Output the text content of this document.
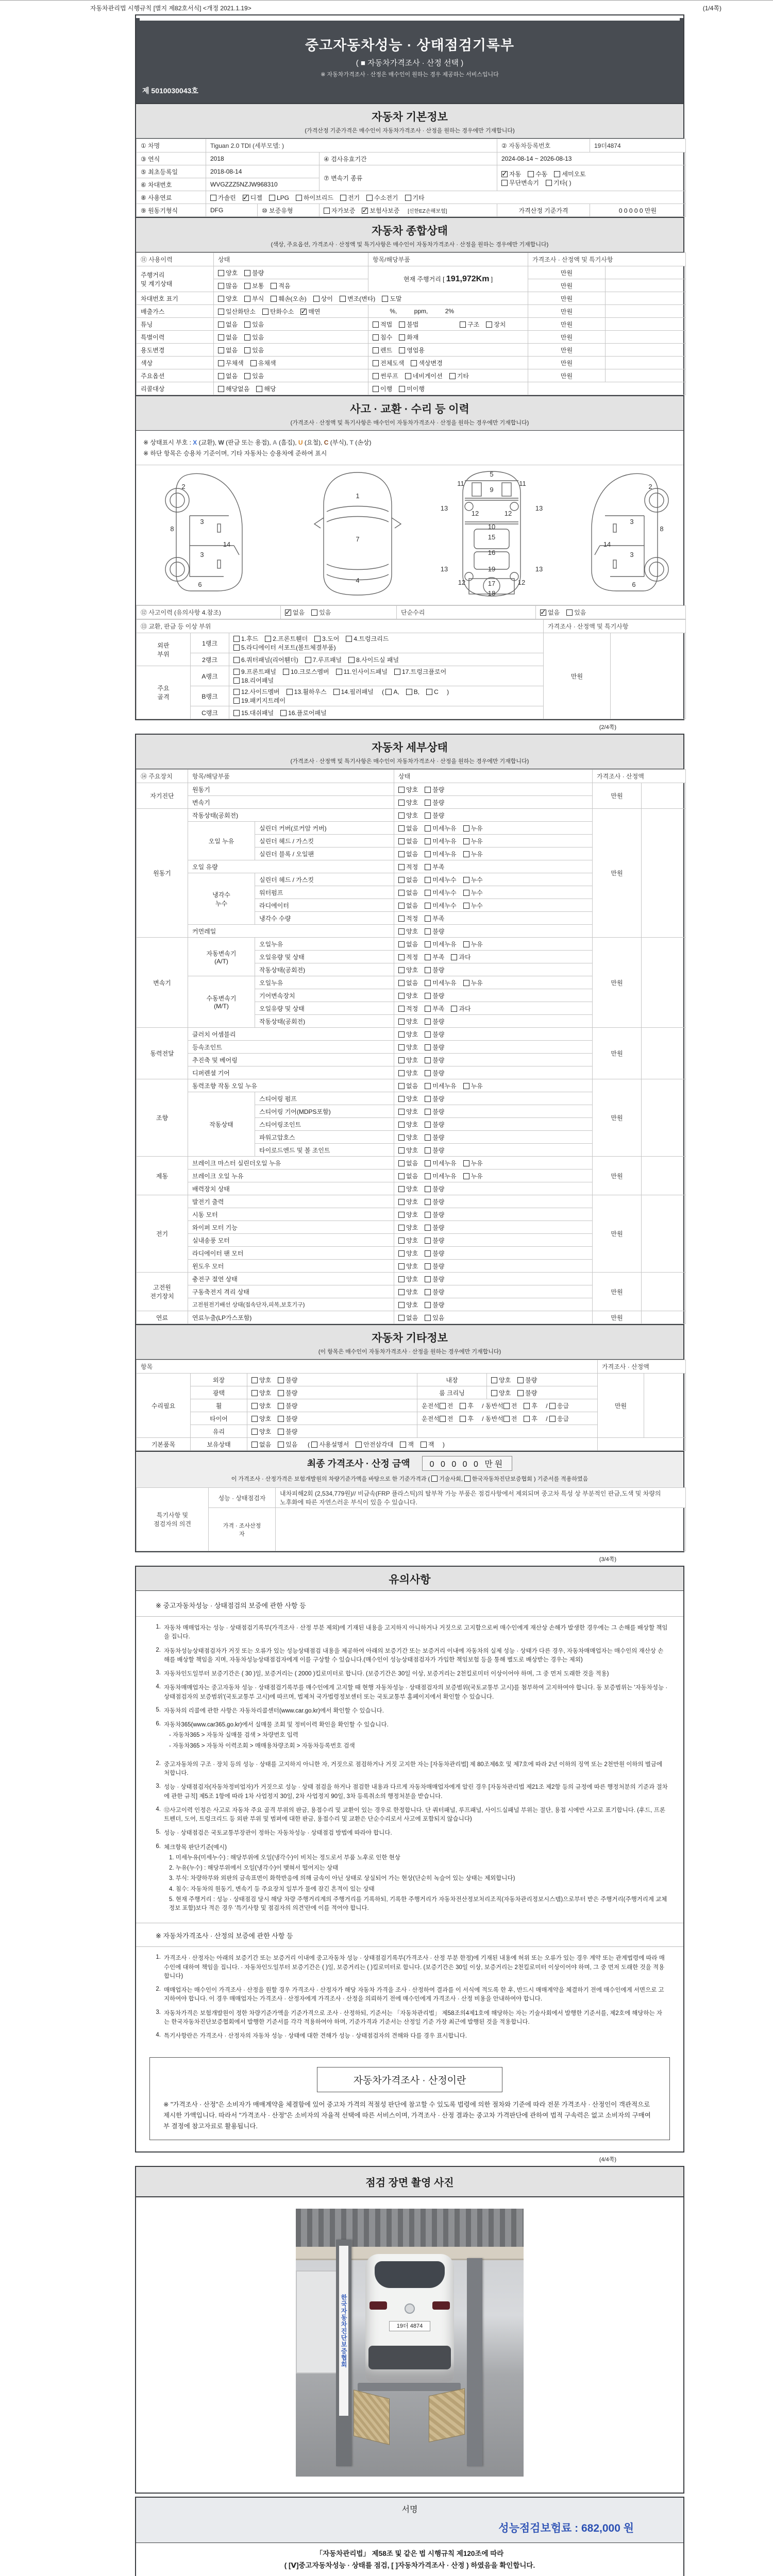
자동차관리법 시행규칙 [별지 제82호서식] <개정 2021.1.19>	(1/4쪽)
중고자동차성능 · 상태점검기록부
( ■ 자동차가격조사 · 산정 선택 )
※ 자동차가격조사 · 산정은 매수인이 원하는 경우 제공하는 서비스입니다
제 5010030043호
자동차 기본정보
(가격산정 기준가격은 매수인이 자동차가격조사 · 산정을 원하는 경우에만 기재합니다)
① 차명	Tiguan 2.0 TDI (세부모델: )			② 자동차등록번호	19더4874
③ 연식	2018		④ 검사유효기간	2024-08-14 ~ 2026-08-13	
⑤ 최초등록일	2018-08-14		⑦ 변속기 종류	✓자동 수동 세미오토
무단변속기 기타( )
⑥ 차대번호	WVGZZZ5NZJW968310				
⑧ 사용연료	가솔린 ✓ 디젤 LPG 하이브리드 전기 수소전기 기타
⑨ 원동기형식	DFG	⑩ 보증유형	자가보증 ✓ 보험사보증 [신한EZ손해보험]	가격산정 기준가격	0 0 0 0 0 만원
자동차 종합상태
(색상, 주요옵션, 가격조사 · 산정액 및 특기사항은 매수인이 자동차가격조사 · 산정을 원하는 경우에만 기재합니다)
⑪ 사용이력	상태	항목/해당부품	가격조사 · 산정액 및 특기사항	
주행거리
및 계기상태	양호 불량	현재 주행거리 [ 191,972Km ]	만원	
	많음 보통 적음		만원	
차대번호 표기	양호 부식 훼손(오손) 상이 변조(변타) 도말		만원	
배출가스	일산화탄소 탄화수소 ✓ 매연	%,          ppm,          2%	만원	
튜닝	없음 있음	적법 불법 구조 장치	만원	
특별이력	없음 있음	침수 화재	만원	
용도변경	없음 있음	렌트 영업용	만원	
색상	무채색 유채색	전체도색 색상변경	만원	
주요옵션	없음 있음	썬루프 네비게이션 기타	만원	
리콜대상	해당없음 해당	이행 미이행		
사고 · 교환 · 수리 등 이력
(가격조사 · 산정액 및 특기사항은 매수인이 자동차가격조사 · 산정을 원하는 경우에만 기재합니다)
※ 상태표시 부호 : X (교환), W (판금 또는 용접), A (흠집), U (요철), C (부식), T (손상)
※ 하단 항목은 승용차 기준이며, 기타 자동차는 승용차에 준하여 표시
2
8
3
3
14
6
1
7
4
5
11	11
9
13	13
12	12
10
15
16
19
13	13
12	12
17
18
2
8
3
3
14
6
⑫ 사고이력 (유의사항 4.참조)	✓없음 있음	단순수리	✓없음 있음
⑬ 교환, 판금 등 이상 부위			가격조사 · 산정액 및 특기사항	
외판
부위	1랭크	1.후드 2.프론트휀더 3.도어 4.트렁크리드
5.라디에이터 서포트(볼트체결부품)	만원	
	2랭크	6.쿼터패널(리어휀더) 7.루프패널 8.사이드실 패널		
주요
골격	A랭크	9.프론트패널 10.크로스멤버 11.인사이드패널 17.트렁크플로어
18.리어패널		
	B랭크	12.사이드멤버 13.휠하우스 14.필러패널 ( A, B, C )
19.패키지트레이		
	C랭크	15.대쉬패널 16.플로어패널		
(2/4쪽)
자동차 세부상태
(가격조사 · 산정액 및 특기사항은 매수인이 자동차가격조사 · 산정을 원하는 경우에만 기재합니다)
⑭ 주요장치	항목/해당부품		상태	가격조사 · 산정액	
자기진단	원동기		양호 불량	만원	
	변속기		양호 불량		
원동기	작동상태(공회전)		양호 불량	만원	
	오일 누유	실린더 커버(로커암 커버)	없음 미세누유 누유		
		실린더 헤드 / 가스킷	없음 미세누유 누유		
		실린더 블록 / 오일팬	없음 미세누유 누유		
	오일 유량		적정 부족		
	냉각수
누수	실린더 헤드 / 가스킷	없음 미세누수 누수		
		워터펌프	없음 미세누수 누수		
		라디에이터	없음 미세누수 누수		
		냉각수 수량	적정 부족		
	커먼레일		양호 불량		
변속기	자동변속기
(A/T)	오일누유	없음 미세누유 누유	만원	
		오일유량 및 상태	적정 부족 과다		
		작동상태(공회전)	양호 불량		
	수동변속기
(M/T)	오일누유	없음 미세누유 누유		
		기어변속장치	양호 불량		
		오일유량 및 상태	적정 부족 과다		
		작동상태(공회전)	양호 불량		
동력전달	클러치 어셈블리		양호 불량	만원	
	등속조인트		양호 불량		
	추진축 및 베어링		양호 불량		
	디퍼렌셜 기어		양호 불량		
조향	동력조향 작동 오일 누유		없음 미세누유 누유	만원	
	작동상태	스티어링 펌프	양호 불량		
		스티어링 기어(MDPS포함)	양호 불량		
		스티어링조인트	양호 불량		
		파워고압호스	양호 불량		
		타이로드엔드 및 볼 조인트	양호 불량		
제동	브레이크 마스터 실린더오일 누유		없음 미세누유 누유	만원	
	브레이크 오일 누유		없음 미세누유 누유		
	배력장치 상태		양호 불량		
전기	발전기 출력		양호 불량	만원	
	시동 모터		양호 불량		
	와이퍼 모터 기능		양호 불량		
	실내송풍 모터		양호 불량		
	라디에이터 팬 모터		양호 불량		
	윈도우 모터		양호 불량		
고전원
전기장치	충전구 절연 상태		양호 불량	만원	
	구동축전지 격리 상태		양호 불량		
	고전원전기배선 상태(접속단자,피복,보호기구)		양호 불량		
연료	연료누출(LP가스포함)		없음 있음	만원	
자동차 기타정보
(이 항목은 매수인이 자동차가격조사 · 산정을 원하는 경우에만 기재합니다)
항목					가격조사 · 산정액	
수리필요	외장	양호 불량	내장	양호 불량	만원	
	광택	양호 불량	룸 크리닝	양호 불량		
	휠	양호 불량	운전석 전 후 / 동반석 전 후 / 응급			
	타이어	양호 불량	운전석 전 후 / 동반석 전 후 / 응급			
	유리	양호 불량				
기본품목	보유상태	없음 있음  ( 사용설명서 안전삼각대 잭 잭 )				
최종 가격조사 · 산정 금액 0 0 0 0 0 만원
이 가격조사 · 산정가격은 보험개발원의 차량기준가액을 바탕으로 한 기준가격과 ( 기술사회, 한국자동차진단보증협회 ) 기준서를 적용하였음
특기사항 및
점검자의 의견	성능 · 상태점검자	내차피해2회 (2,534,779원)// 비금속(FRP 플라스틱)의 탈부착 가능 부품은 점검사항에서 제외되며 중고차 특성 상 부분적인 판금,도색 및 차량의 노후화에 따른 자연스러운 부식이 있을 수 있습니다.
	가격 · 조사산정
자	
(3/4쪽)
유의사항
※ 중고자동차성능 · 상태점검의 보증에 관한 사항 등
1. 자동차 매매업자는 성능 · 상태점검기록부(가격조사 · 산정 부분 제외)에 기재된 내용을 고지하지 아니하거나 거짓으로 고지함으로써 매수인에게 재산상 손해가 발생한 경우에는 그 손해를 배상할 책임을 집니다.
2. 자동차성능상태점검자가 거짓 또는 오류가 있는 성능상태점검 내용을 제공하여 아래의 보증기간 또는 보증거리 이내에 자동차의 실제 성능 · 상태가 다른 경우, 자동차매매업자는 매수인의 재산상 손해를 배상할 책임을 지며, 자동차성능상태점검자에게 이를 구상할 수 있습니다.(매수인이 성능상태점검자가 가입한 책임보험 등을 통해 별도로 배상받는 경우는 제외)
3. 자동차인도일부터 보증기간은 ( 30 )일, 보증거리는 ( 2000 )킬로미터로 합니다. (보증기간은 30일 이상, 보증거리는 2천킬로미터 이상이어야 하며, 그 중 먼저 도래한 것을 적용)
4. 자동차매매업자는 중고자동차 성능 · 상태점검기록부를 매수인에게 고지할 때 현행 자동차성능 · 상태점검자의 보증범위(국토교통부 고시)를 첨부하여 고지하여야 합니다. 동 보증범위는 '자동차성능 · 상태점검자의 보증범위'(국토교통부 고시)에 따르며, 법제처 국가법령정보센터 또는 국토교통부 홈페이지에서 확인할 수 있습니다.
5. 자동차의 리콜에 관한 사항은 자동차리콜센터(www.car.go.kr)에서 확인할 수 있습니다.
6. 자동차365(www.car365.go.kr)에서 실매물 조회 및 정비이력 확인을 확인할 수 있습니다.
- 자동차365 > 자동차 실매물 검색 > 차량번호 입력
- 자동차365 > 자동차 이력조회 > 매매용차량조회 > 자동차등록번호 검색
2. 중고자동차의 구조 · 장치 등의 성능 · 상태를 고지하지 아니한 자, 거짓으로 점검하거나 거짓 고지한 자는 [자동차관리법] 제 80조제6호 및 제7호에 따라 2년 이하의 징역 또는 2천만원 이하의 벌금에 처합니다.
3. 성능 · 상태점검자(자동차정비업자)가 거짓으로 성능 · 상태 점검을 하거나 점검한 내용과 다르게 자동차매매업자에게 알린 경우 [자동차관리법 제21조 제2항 등의 규정에 따른 행정처분의 기준과 절차에 관한 규칙] 제5조 1항에 따라 1차 사업정지 30일, 2차 사업정지 90일, 3차 등록취소의 행정처분을 받습니다.
4. ⑫사고이력 인정은 사고로 자동차 주요 골격 부위의 판금, 용접수리 및 교환이 있는 경우로 한정합니다. 단 쿼터패널, 루프패널, 사이드실패널 부위는 절단, 용접 시에만 사고로 표기합니다. (후드, 프론트펜더, 도어, 트렁크리드 등 외판 부위 및 범퍼에 대한 판금, 용접수리 및 교환은 단순수리로서 사고에 포함되지 않습니다)
5. 성능 · 상태점검은 국토교통부장관이 정하는 자동차성능 · 상태점검 방법에 따라야 합니다.
6. 체크항목 판단기준(예시)
1. 미세누유(미세누수) : 해당부위에 오일(냉각수)이 비치는 정도로서 부품 노후로 인한 현상
2. 누유(누수) : 해당부위에서 오일(냉각수)이 맺혀서 떨어지는 상태
3. 부식: 차량하부와 외판의 금속표면이 화학반응에 의해 금속이 아닌 상태로 상실되어 가는 현상(단순히 녹슬어 있는 상태는 제외합니다)
4. 침수: 자동차의 원동기, 변속기 등 주요장치 일부가 물에 잠긴 흔적이 있는 상태
5. 현재 주행거리 : 성능 · 상태점검 당시 해당 차량 주행거리계의 주행거리를 기록하되, 기록한 주행거리가 자동차전산정보처리조직(자동차관리정보시스템)으로부터 받은 주행거리(주행거리계 교체 정보 포함)보다 적은 경우 '특기사항 및 점검자의 의견'란에 이를 적어야 합니다.
※ 자동차가격조사 · 산정의 보증에 관한 사항 등
1. 가격조사 · 산정자는 아래의 보증기간 또는 보증거리 이내에 중고자동차 성능 · 상태점검기록부(가격조사 · 산정 부분 한정)에 기재된 내용에 허위 또는 오류가 있는 경우 계약 또는 관계법령에 따라 매수인에 대하여 책임을 집니다. · 자동차인도일부터 보증기간은 ( )일, 보증거리는 ( )킬로미터로 합니다. (보증기간은 30일 이상, 보증거리는 2천킬로미터 이상이어야 하며, 그 중 먼저 도래한 것을 적용합니다)
2. 매매업자는 매수인이 가격조사 · 산정을 원할 경우 가격조사 · 산정자가 해당 자동차 가격을 조사 · 산정하여 결과를 이 서식에 적도록 한 후, 반드시 매매계약을 체결하기 전에 매수인에게 서면으로 고지하여야 합니다. 이 경우 매매업자는 가격조사 · 산정자에게 가격조사 · 산정을 의뢰하기 전에 매수인에게 가격조사 · 산정 비용을 안내하여야 합니다.
3. 자동차가격은 보험개발원이 정한 차량기준가액을 기준가격으로 조사 · 산정하되, 기준서는 「자동차관리법」 제58조의4제1호에 해당하는 자는 기술사회에서 발행한 기준서를, 제2호에 해당하는 자는 한국자동차진단보증협회에서 발행한 기준서를 각각 적용하여야 하며, 기준가격과 기준서는 산정일 기준 가장 최근에 발행된 것을 적용합니다.
4. 특기사항란은 가격조사 · 산정자의 자동차 성능 · 상태에 대한 견해가 성능 · 상태점검자의 견해와 다를 경우 표시합니다.
자동차가격조사 · 산정이란
※ "가격조사 · 산정"은 소비자가 매매계약을 체결함에 있어 중고차 가격의 적절성 판단에 참고할 수 있도록 법령에 의한 절차와 기준에 따라 전문 가격조사 · 산정인이 객관적으로 제시한 가액입니다. 따라서 "가격조사 · 산정"은 소비자의 자율적 선택에 따른 서비스이며, 가격조사 · 산정 결과는 중고차 가격판단에 관하여 법적 구속력은 없고 소비자의 구매여부 결정에 참고자료로 활용됩니다.
(4/4쪽)
점검 장면 촬영 사진
한국자동차진단보증협회	19더 4874
서명
성능점검보험료 : 682,000 원
「자동차관리법」 제58조 및 같은 법 시행규칙 제120조에 따라
( [Ⅴ]중고자동차성능 · 상태를 점검, [ ]자동차가격조사 · 산정 ) 하였음을 확인합니다.
